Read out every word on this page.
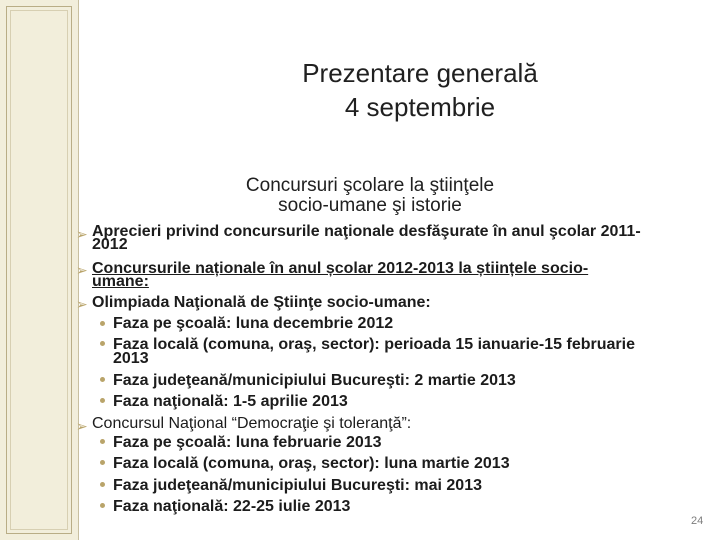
Prezentare generală
4 septembrie
Concursuri şcolare la ştiinţele
socio-umane şi istorie
➢ Aprecieri privind concursurile naţionale desfăşurate în anul şcolar 2011-
2012
➢ Concursurile naționale în anul școlar 2012-2013 la științele socio-
umane:
➢ Olimpiada Naţională de Ştiinţe socio-umane:
Faza pe şcoală: luna decembrie 2012
Faza locală (comuna, oraş, sector): perioada 15 ianuarie-15 februarie
2013
Faza judeţeană/municipiului Bucureşti: 2 martie 2013
Faza naţională: 1-5 aprilie 2013
➢ Concursul Naţional “Democraţie şi toleranţă”:
Faza pe şcoală: luna februarie 2013
Faza locală (comuna, oraş, sector): luna martie 2013
Faza judeţeană/municipiului Bucureşti: mai 2013
Faza naţională: 22-25 iulie 2013
24
